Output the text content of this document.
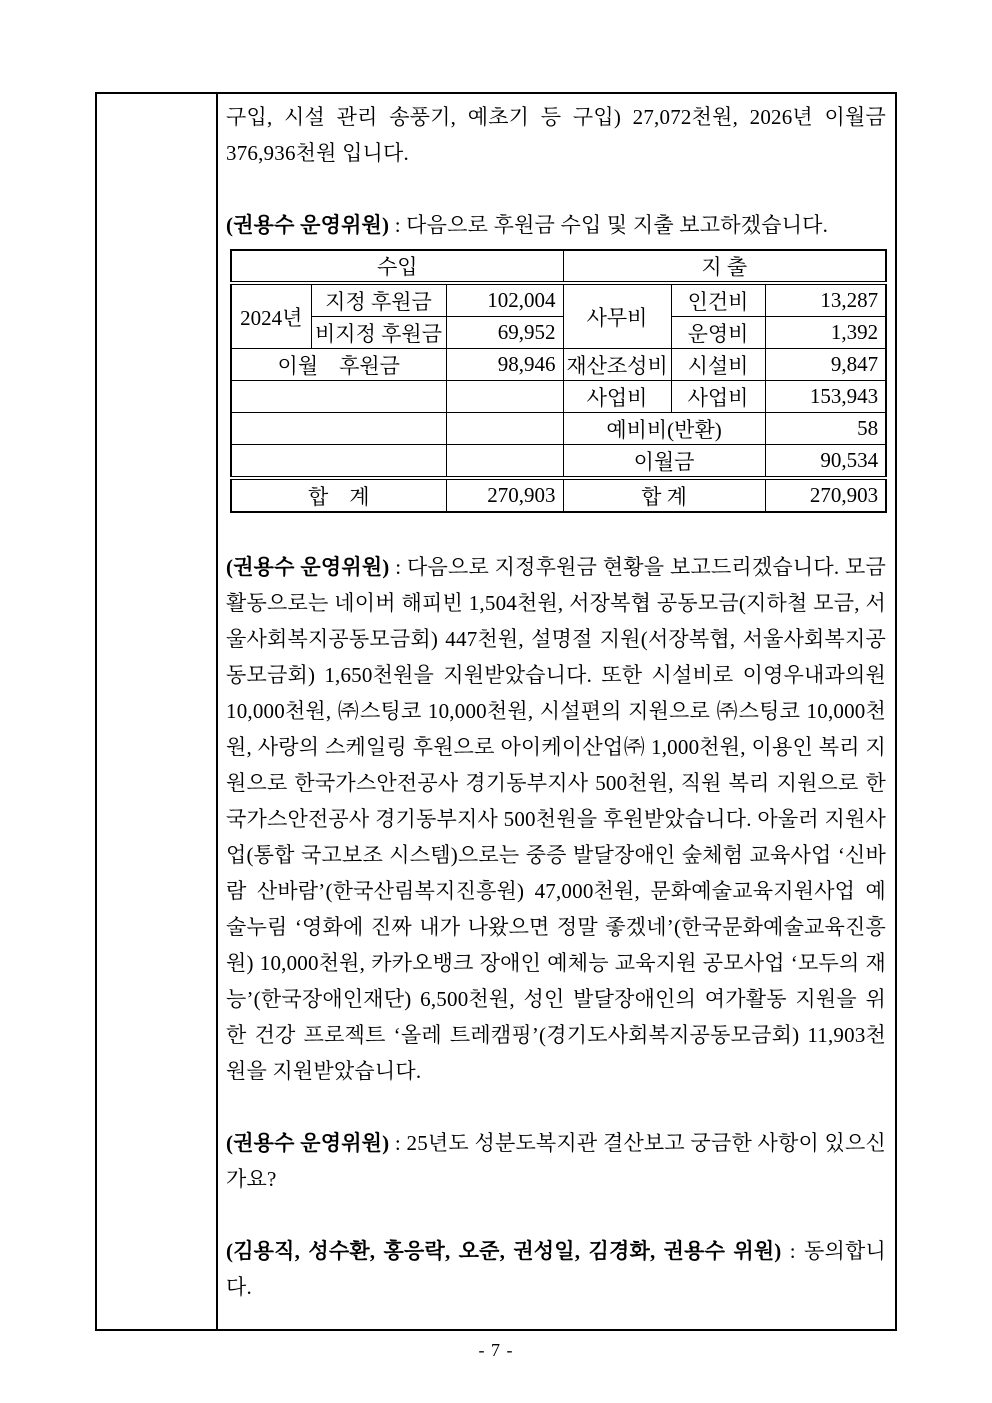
구입, 시설 관리 송풍기, 예초기 등 구입) 27,072천원, 2026년 이월금 376,936천원 입니다.

(권용수 운영위원) : 다음으로 후원금 수입 및 지출 보고하겠습니다.

수입			지 출		
2024년	지정 후원금	102,004	사무비	인건비	13,287
	비지정 후원금	69,952		운영비	1,392
이월　후원금		98,946	재산조성비	시설비	9,847
			사업비	사업비	153,943
			예비비(반환)		58
			이월금		90,534
합　계		270,903	합 계		270,903

(권용수 운영위원) : 다음으로 지정후원금 현황을 보고드리겠습니다. 모금 활동으로는 네이버 해피빈 1,504천원, 서장복협 공동모금(지하철 모금, 서울사회복지공동모금회) 447천원, 설명절 지원(서장복협, 서울사회복지공동모금회) 1,650천원을 지원받았습니다. 또한 시설비로 이영우내과의원 10,000천원, ㈜스팅코 10,000천원, 시설편의 지원으로 ㈜스팅코 10,000천원, 사랑의 스케일링 후원으로 아이케이산업㈜ 1,000천원, 이용인 복리 지원으로 한국가스안전공사 경기동부지사 500천원, 직원 복리 지원으로 한국가스안전공사 경기동부지사 500천원을 후원받았습니다. 아울러 지원사업(통합 국고보조 시스템)으로는 중증 발달장애인 숲체험 교육사업 ‘신바람 산바람’(한국산림복지진흥원) 47,000천원, 문화예술교육지원사업 예술누림 ‘영화에 진짜 내가 나왔으면 정말 좋겠네’(한국문화예술교육진흥원) 10,000천원, 카카오뱅크 장애인 예체능 교육지원 공모사업 ‘모두의 재능’(한국장애인재단) 6,500천원, 성인 발달장애인의 여가활동 지원을 위한 건강 프로젝트 ‘올레 트레캠핑’(경기도사회복지공동모금회) 11,903천원을 지원받았습니다.

(권용수 운영위원) : 25년도 성분도복지관 결산보고 궁금한 사항이 있으신가요?

(김용직, 성수환, 홍응락, 오준, 권성일, 김경화, 권용수 위원) : 동의합니다.

- 7 -
